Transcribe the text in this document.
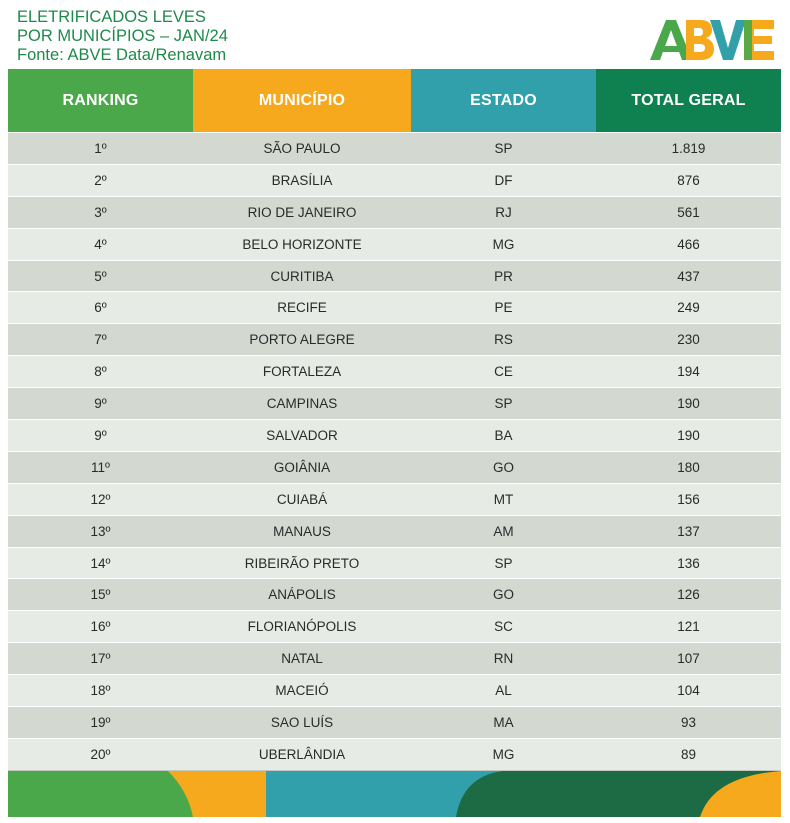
ELETRIFICADOS LEVES
POR MUNICÍPIOS – JAN/24
Fonte: ABVE Data/Renavam
RANKING	MUNICÍPIO	ESTADO	TOTAL GERAL
1º	SÃO PAULO	SP	1.819
2º	BRASÍLIA	DF	876
3º	RIO DE JANEIRO	RJ	561
4º	BELO HORIZONTE	MG	466
5º	CURITIBA	PR	437
6º	RECIFE	PE	249
7º	PORTO ALEGRE	RS	230
8º	FORTALEZA	CE	194
9º	CAMPINAS	SP	190
9º	SALVADOR	BA	190
11º	GOIÂNIA	GO	180
12º	CUIABÁ	MT	156
13º	MANAUS	AM	137
14º	RIBEIRÃO PRETO	SP	136
15º	ANÁPOLIS	GO	126
16º	FLORIANÓPOLIS	SC	121
17º	NATAL	RN	107
18º	MACEIÓ	AL	104
19º	SAO LUÍS	MA	93
20º	UBERLÂNDIA	MG	89
